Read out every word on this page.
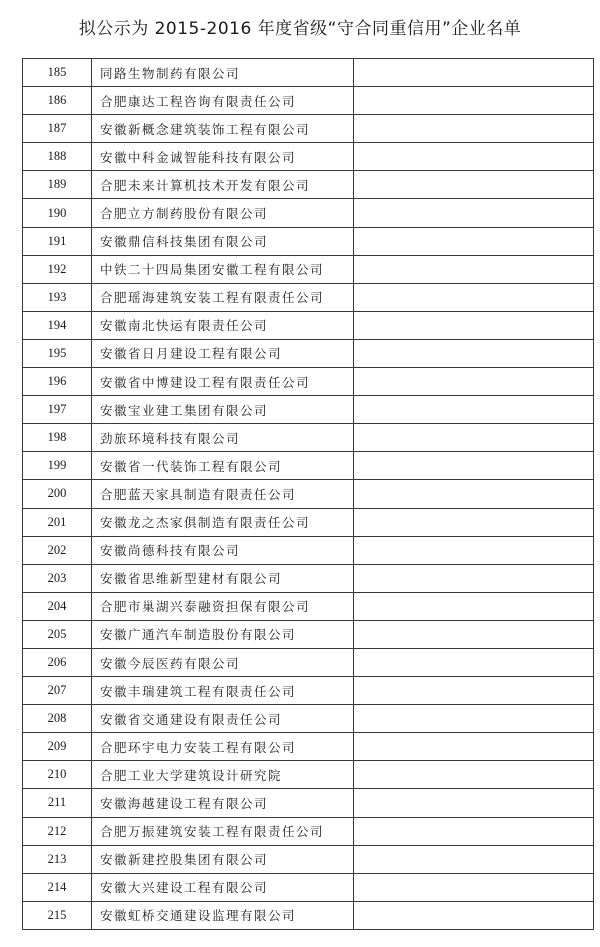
拟公示为 2015-2016 年度省级“守合同重信用”企业名单
185	同路生物制药有限公司	
186	合肥康达工程咨询有限责任公司	
187	安徽新概念建筑装饰工程有限公司	
188	安徽中科金诚智能科技有限公司	
189	合肥未来计算机技术开发有限公司	
190	合肥立方制药股份有限公司	
191	安徽鼎信科技集团有限公司	
192	中铁二十四局集团安徽工程有限公司	
193	合肥瑶海建筑安装工程有限责任公司	
194	安徽南北快运有限责任公司	
195	安徽省日月建设工程有限公司	
196	安徽省中博建设工程有限责任公司	
197	安徽宝业建工集团有限公司	
198	劲旅环境科技有限公司	
199	安徽省一代装饰工程有限公司	
200	合肥蓝天家具制造有限责任公司	
201	安徽龙之杰家俱制造有限责任公司	
202	安徽尚德科技有限公司	
203	安徽省思维新型建材有限公司	
204	合肥市巢湖兴泰融资担保有限公司	
205	安徽广通汽车制造股份有限公司	
206	安徽今辰医药有限公司	
207	安徽丰瑞建筑工程有限责任公司	
208	安徽省交通建设有限责任公司	
209	合肥环宇电力安装工程有限公司	
210	合肥工业大学建筑设计研究院	
211	安徽海越建设工程有限公司	
212	合肥万振建筑安装工程有限责任公司	
213	安徽新建控股集团有限公司	
214	安徽大兴建设工程有限公司	
215	安徽虹桥交通建设监理有限公司	
